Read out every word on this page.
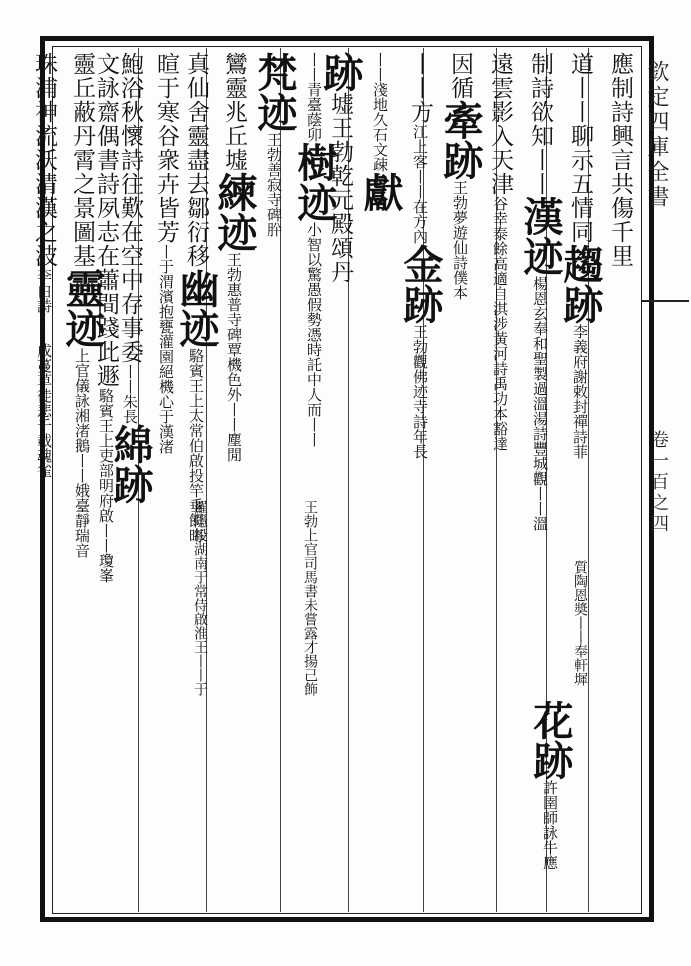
欽定四庫全書
卷一百之四
應制詩興言共傷千里
道丨丨聊示五情同趨跡李義府謝敕封禪詩菲
制詩欲知丨丨漢迹楊恩玄奉和聖製過溫湯詩豐城觀丨丨溫
遠雲影入天津谷幸泰餘高適自淇涉黃河詩禹功本豁達
因循牽跡王勃夢遊仙詩僕本
丨丨方江上客丨丨在方內金跡王勃觀佛迹寺詩年長
丨丨淺地久石文疎獻
跡墟王勃乾元殿頌丹
丨丨青臺蔭卯樹迹小智以驚愚假勢憑時託中人而丨丨
梵迹王勃善寂寺碑肸
鸞靈兆丘墟練迹王勃惠普寺碑覃機色外丨丨塵閒
真仙舍靈盡去鄒衍移幽迹駱賓王上太常伯啟投竿垂餌晦
暄于寒谷衆卉皆芳丨于渭濱抱甕灌園絕機心于漢渚
鮑浴秋懷詩往歎在空中存事委丨丨朱長綿跡
文詠齋偶書詩夙志在蕭間踐此遯駱賓王上吏部明府啟丨丨瓊峯
靈丘蔽丹霄之景圖基靈迹上官儀詠湘渚鵝丨丨娥臺靜瑞音
珠浦神流沃清漢之波李白詩丨丨成蔓草徒悲千載魂雀
質陶恩奬丨丨奉軒墀
花跡許圉師詠牛應
王勃上官司馬書未嘗露才揚己飾
羅隱投湖南于常侍啟淮王丨丨于
